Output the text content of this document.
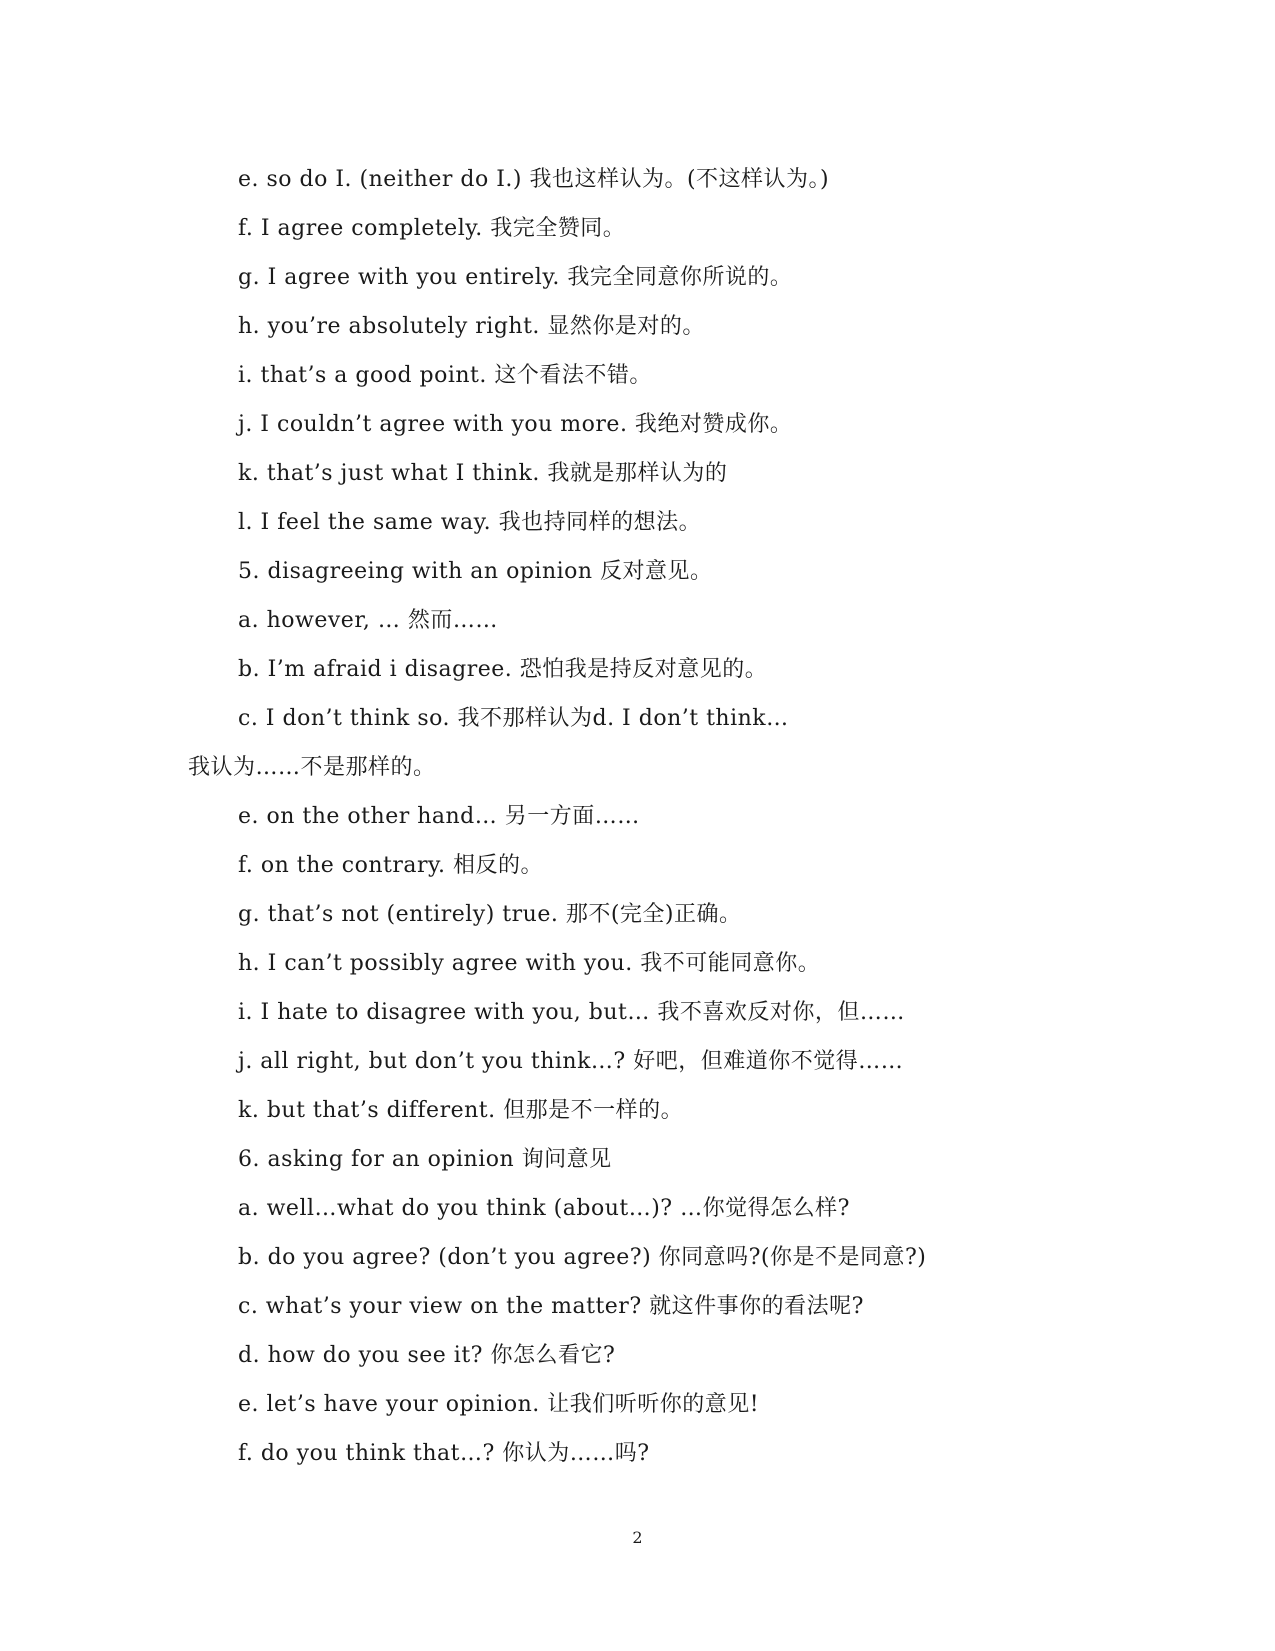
e. so do I. (neither do I.) 我也这样认为。(不这样认为。)
f. I agree completely. 我完全赞同。
g. I agree with you entirely. 我完全同意你所说的。
h. you’re absolutely right. 显然你是对的。
i. that’s a good point. 这个看法不错。
j. I couldn’t agree with you more. 我绝对赞成你。
k. that’s just what I think. 我就是那样认为的
l. I feel the same way. 我也持同样的想法。
5. disagreeing with an opinion 反对意见。
a. however, … 然而……
b. I’m afraid i disagree. 恐怕我是持反对意见的。
c. I don’t think so. 我不那样认为d. I don’t think…
我认为……不是那样的。
e. on the other hand… 另一方面……
f. on the contrary. 相反的。
g. that’s not (entirely) true. 那不(完全)正确。
h. I can’t possibly agree with you. 我不可能同意你。
i. I hate to disagree with you, but… 我不喜欢反对你，但……
j. all right, but don’t you think…? 好吧，但难道你不觉得……
k. but that’s different. 但那是不一样的。
6. asking for an opinion 询问意见
a. well…what do you think (about…)? …你觉得怎么样?
b. do you agree? (don’t you agree?) 你同意吗?(你是不是同意?)
c. what’s your view on the matter? 就这件事你的看法呢?
d. how do you see it? 你怎么看它?
e. let’s have your opinion. 让我们听听你的意见!
f. do you think that…? 你认为……吗?
2
